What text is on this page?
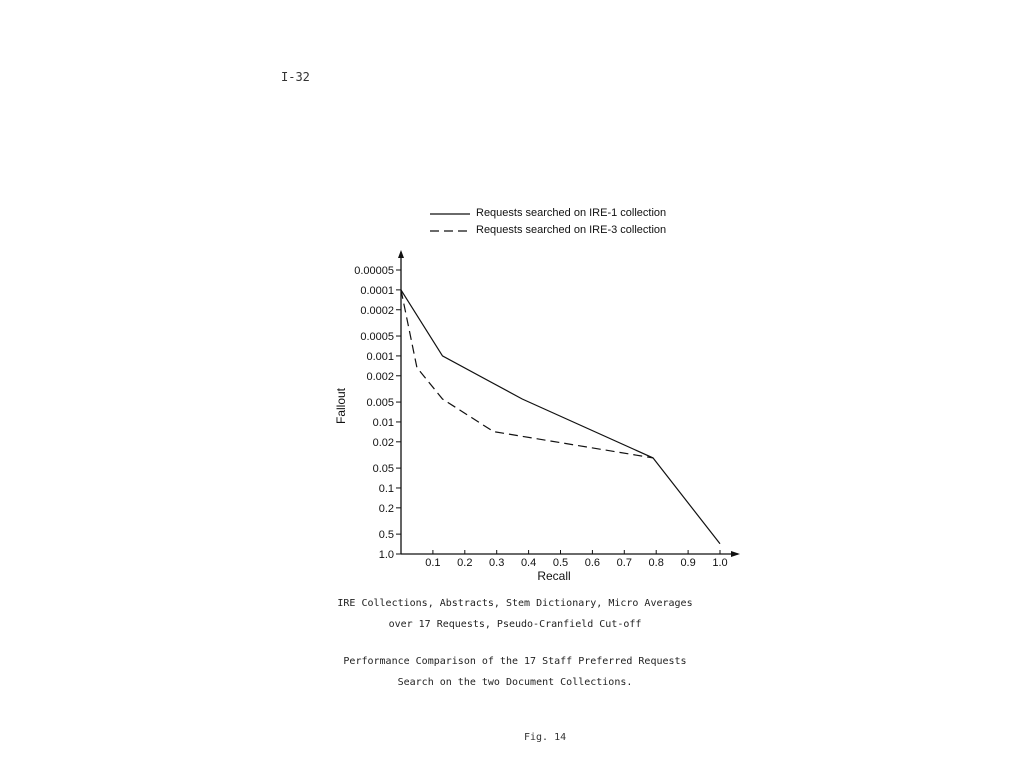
I-32
Requests searched on IRE-1 collection
Requests searched on IRE-3 collection
0.00005
0.0001
0.0002
0.0005
0.001
0.002
0.005
0.01
0.02
0.05
0.1
0.2
0.5
1.0
0.1 0.2 0.3 0.4 0.5 0.6 0.7 0.8 0.9 1.0
Recall
Fallout
IRE Collections, Abstracts, Stem Dictionary, Micro Averages
over 17 Requests, Pseudo-Cranfield Cut-off
Performance Comparison of the 17 Staff Preferred Requests
Search on the two Document Collections.
Fig. 14
